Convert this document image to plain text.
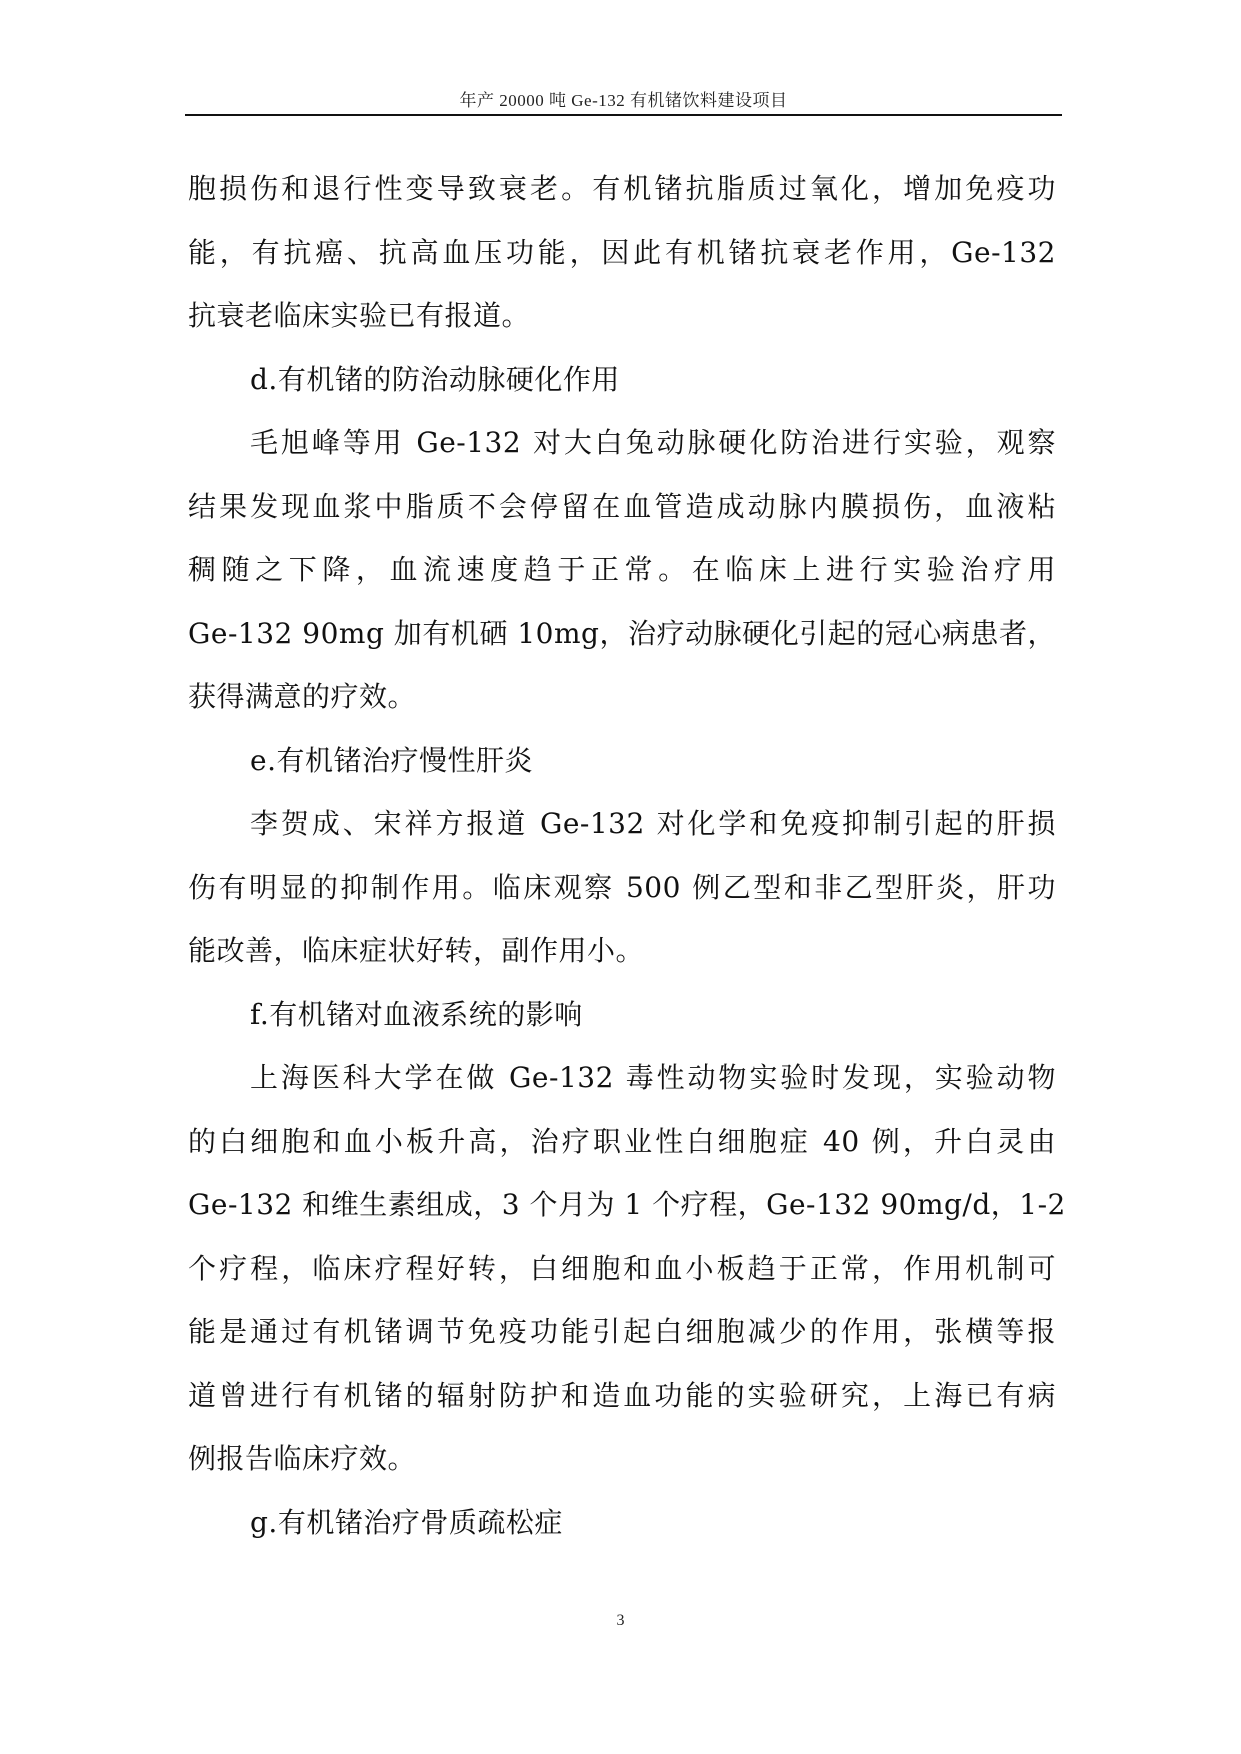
年产 20000 吨 Ge-132 有机锗饮料建设项目

胞损伤和退行性变导致衰老。有机锗抗脂质过氧化，增加免疫功

能，有抗癌、抗高血压功能，因此有机锗抗衰老作用，Ge-132

抗衰老临床实验已有报道。

d.有机锗的防治动脉硬化作用

毛旭峰等用 Ge-132 对大白兔动脉硬化防治进行实验，观察

结果发现血浆中脂质不会停留在血管造成动脉内膜损伤，血液粘

稠随之下降，血流速度趋于正常。在临床上进行实验治疗用

Ge-132 90mg 加有机硒 10mg，治疗动脉硬化引起的冠心病患者，

获得满意的疗效。

e.有机锗治疗慢性肝炎

李贺成、宋祥方报道 Ge-132 对化学和免疫抑制引起的肝损

伤有明显的抑制作用。临床观察 500 例乙型和非乙型肝炎，肝功

能改善，临床症状好转，副作用小。

f.有机锗对血液系统的影响

上海医科大学在做 Ge-132 毒性动物实验时发现，实验动物

的白细胞和血小板升高，治疗职业性白细胞症 40 例，升白灵由

Ge-132 和维生素组成，3 个月为 1 个疗程，Ge-132 90mg/d，1-2

个疗程，临床疗程好转，白细胞和血小板趋于正常，作用机制可

能是通过有机锗调节免疫功能引起白细胞减少的作用，张横等报

道曾进行有机锗的辐射防护和造血功能的实验研究，上海已有病

例报告临床疗效。

g.有机锗治疗骨质疏松症

3
